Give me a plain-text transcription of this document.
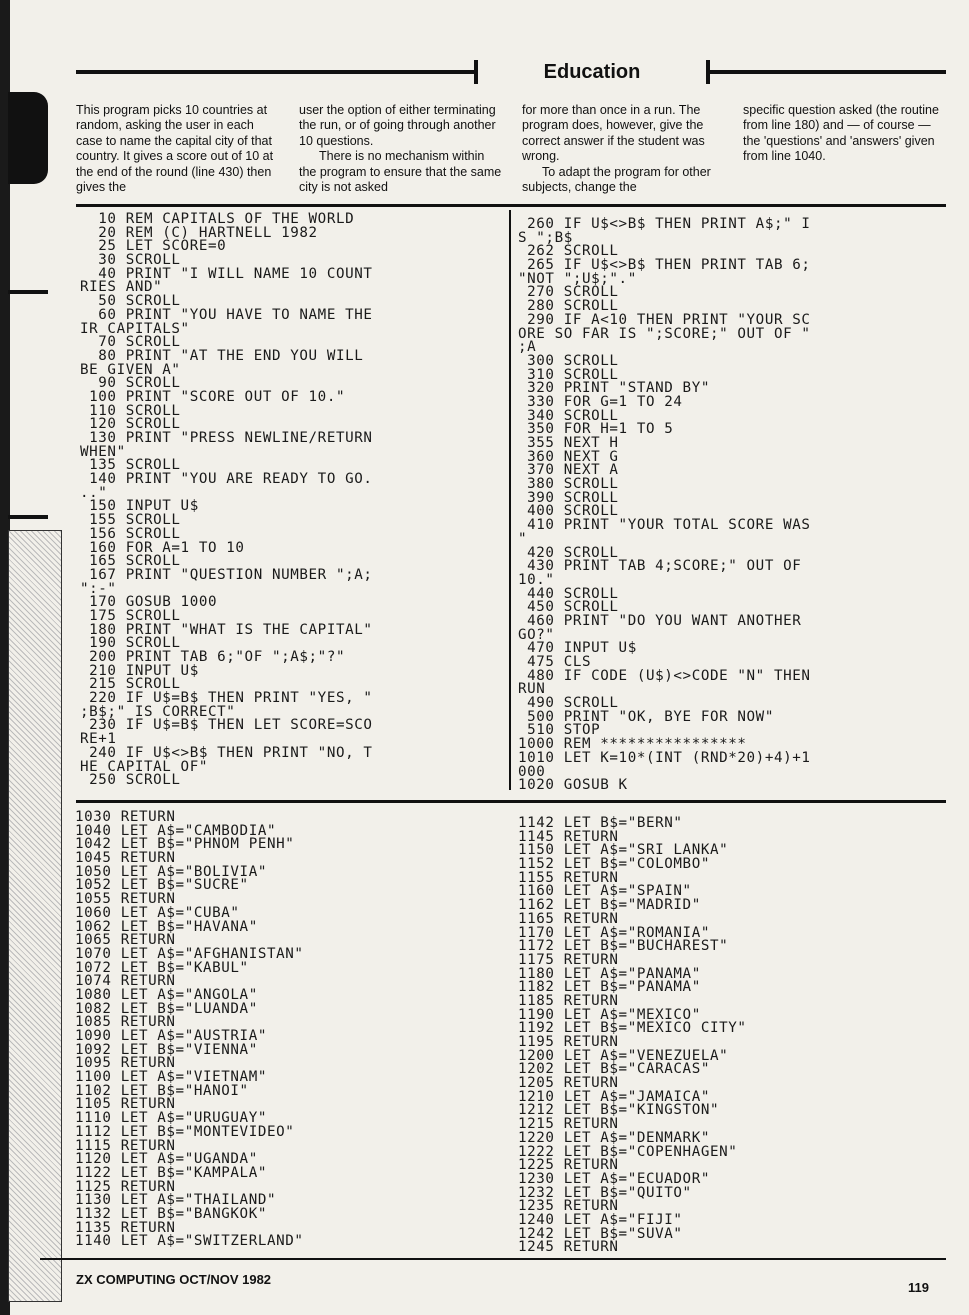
Education

This program picks 10 countries at random, asking the user in each case to name the capital city of that country. It gives a score out of 10 at the end of the round (line 430) then gives the

user the option of either terminating the run, or of going through another 10 questions.

There is no mechanism within the program to ensure that the same city is not asked

for more than once in a run. The program does, however, give the correct answer if the student was wrong.

To adapt the program for other subjects, change the

specific question asked (the routine from line 180) and — of course — the 'questions' and 'answers' given from line 1040.

10 REM CAPITALS OF THE WORLD
20 REM (C) HARTNELL 1982
25 LET SCORE=0
30 SCROLL
40 PRINT "I WILL NAME 10 COUNT
RIES AND"
50 SCROLL
60 PRINT "YOU HAVE TO NAME THE
IR CAPITALS"
70 SCROLL
80 PRINT "AT THE END YOU WILL
BE GIVEN A"
90 SCROLL
100 PRINT "SCORE OUT OF 10."
110 SCROLL
120 SCROLL
130 PRINT "PRESS NEWLINE/RETURN
WHEN"
135 SCROLL
140 PRINT "YOU ARE READY TO GO.
.."
150 INPUT U$
155 SCROLL
156 SCROLL
160 FOR A=1 TO 10
165 SCROLL
167 PRINT "QUESTION NUMBER ";A;
":-"
170 GOSUB 1000
175 SCROLL
180 PRINT "WHAT IS THE CAPITAL"
190 SCROLL
200 PRINT TAB 6;"OF ";A$;"?"
210 INPUT U$
215 SCROLL
220 IF U$=B$ THEN PRINT "YES, "
;B$;" IS CORRECT"
230 IF U$=B$ THEN LET SCORE=SCO
RE+1
240 IF U$<>B$ THEN PRINT "NO, T
HE CAPITAL OF"
250 SCROLL
260 IF U$<>B$ THEN PRINT A$;" I
S ";B$
262 SCROLL
265 IF U$<>B$ THEN PRINT TAB 6;
"NOT ";U$;"."
270 SCROLL
280 SCROLL
290 IF A<10 THEN PRINT "YOUR SC
ORE SO FAR IS ";SCORE;" OUT OF "
;A
300 SCROLL
310 SCROLL
320 PRINT "STAND BY"
330 FOR G=1 TO 24
340 SCROLL
350 FOR H=1 TO 5
355 NEXT H
360 NEXT G
370 NEXT A
380 SCROLL
390 SCROLL
400 SCROLL
410 PRINT "YOUR TOTAL SCORE WAS
"
420 SCROLL
430 PRINT TAB 4;SCORE;" OUT OF
10."
440 SCROLL
450 SCROLL
460 PRINT "DO YOU WANT ANOTHER
GO?"
470 INPUT U$
475 CLS
480 IF CODE (U$)<>CODE "N" THEN
RUN
490 SCROLL
500 PRINT "OK, BYE FOR NOW"
510 STOP
1000 REM ****************
1010 LET K=10*(INT (RND*20)+4)+1
000
1020 GOSUB K
1030 RETURN
1040 LET A$="CAMBODIA"
1042 LET B$="PHNOM PENH"
1045 RETURN
1050 LET A$="BOLIVIA"
1052 LET B$="SUCRE"
1055 RETURN
1060 LET A$="CUBA"
1062 LET B$="HAVANA"
1065 RETURN
1070 LET A$="AFGHANISTAN"
1072 LET B$="KABUL"
1074 RETURN
1080 LET A$="ANGOLA"
1082 LET B$="LUANDA"
1085 RETURN
1090 LET A$="AUSTRIA"
1092 LET B$="VIENNA"
1095 RETURN
1100 LET A$="VIETNAM"
1102 LET B$="HANOI"
1105 RETURN
1110 LET A$="URUGUAY"
1112 LET B$="MONTEVIDEO"
1115 RETURN
1120 LET A$="UGANDA"
1122 LET B$="KAMPALA"
1125 RETURN
1130 LET A$="THAILAND"
1132 LET B$="BANGKOK"
1135 RETURN
1140 LET A$="SWITZERLAND"
1142 LET B$="BERN"
1145 RETURN
1150 LET A$="SRI LANKA"
1152 LET B$="COLOMBO"
1155 RETURN
1160 LET A$="SPAIN"
1162 LET B$="MADRID"
1165 RETURN
1170 LET A$="ROMANIA"
1172 LET B$="BUCHAREST"
1175 RETURN
1180 LET A$="PANAMA"
1182 LET B$="PANAMA"
1185 RETURN
1190 LET A$="MEXICO"
1192 LET B$="MEXICO CITY"
1195 RETURN
1200 LET A$="VENEZUELA"
1202 LET B$="CARACAS"
1205 RETURN
1210 LET A$="JAMAICA"
1212 LET B$="KINGSTON"
1215 RETURN
1220 LET A$="DENMARK"
1222 LET B$="COPENHAGEN"
1225 RETURN
1230 LET A$="ECUADOR"
1232 LET B$="QUITO"
1235 RETURN
1240 LET A$="FIJI"
1242 LET B$="SUVA"
1245 RETURN
ZX COMPUTING OCT/NOV 1982
119
